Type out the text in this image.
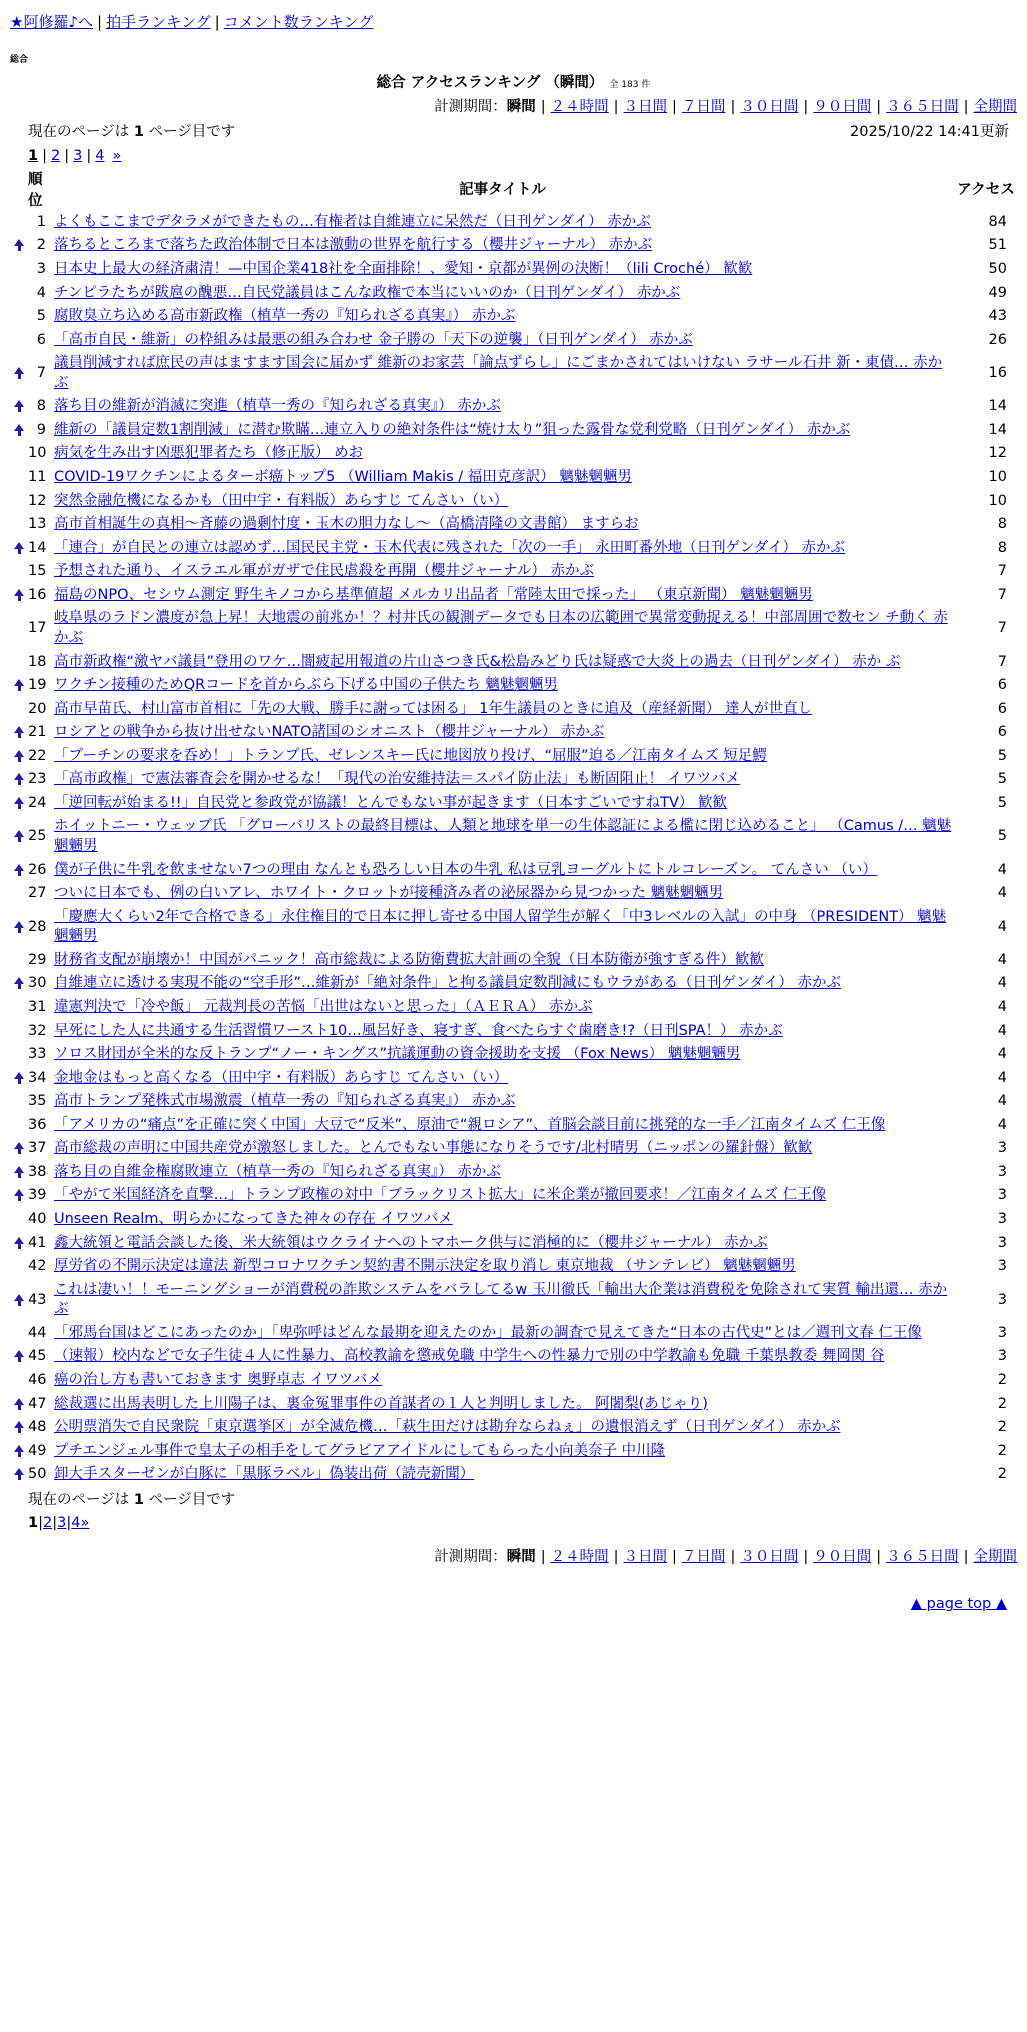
★阿修羅♪へ | 拍手ランキング | コメント数ランキング
総合
総合 アクセスランキング （瞬間） 全 183 件
計測期間：瞬間 | ２４時間 | ３日間 | ７日間 | ３０日間 | ９０日間 | ３６５日間 | 全期間
現在のページは 1 ページ目です	2025/10/22 14:41更新
1 | 2 | 3 | 4 »
	順位	記事タイトル	アクセス
	1	よくもここまでデタラメができたもの…有権者は自維連立に呆然だ（日刊ゲンダイ） 赤かぶ	84
	2	落ちるところまで落ちた政治体制で日本は激動の世界を航行する（櫻井ジャーナル） 赤かぶ	51
	3	日本史上最大の経済粛清！—中国企業418社を全面排除！、愛知・京都が異例の決断！（lili Croché） 歓歓	50
	4	チンピラたちが跋扈の醜悪…自民党議員はこんな政権で本当にいいのか（日刊ゲンダイ） 赤かぶ	49
	5	腐敗臭立ち込める高市新政権（植草一秀の『知られざる真実』） 赤かぶ	43
	6	「高市自民・維新」の枠組みは最悪の組み合わせ 金子勝の「天下の逆襲」（日刊ゲンダイ） 赤かぶ	26
	7	議員削減すれば庶民の声はますます国会に届かず 維新のお家芸「論点ずらし」にごまかされてはいけない ラサール石井 新・東債… 赤かぶ	16
	8	落ち目の維新が消滅に突進（植草一秀の『知られざる真実』） 赤かぶ	14
	9	維新の「議員定数1割削減」に潜む欺瞞…連立入りの絶対条件は“焼け太り”狙った露骨な党利党略（日刊ゲンダイ） 赤かぶ	14
	10	病気を生み出す凶悪犯罪者たち（修正版） めお	12
	11	COVID-19ワクチンによるターボ癌トップ5 （William Makis / 福田克彦訳） 魑魅魍魎男	10
	12	突然金融危機になるかも（田中宇・有料版）あらすじ てんさい（い）	10
	13	高市首相誕生の真相〜斉藤の過剰忖度・玉木の胆力なし〜（高橋清隆の文書館） ますらお	8
	14	「連合」が自民との連立は認めず…国民民主党・玉木代表に残された「次の一手」 永田町番外地（日刊ゲンダイ） 赤かぶ	8
	15	予想された通り、イスラエル軍がガザで住民虐殺を再開（櫻井ジャーナル） 赤かぶ	7
	16	福島のNPO、セシウム測定 野生キノコから基準値超 メルカリ出品者「常陸太田で採った」 （東京新聞） 魑魅魍魎男	7
	17	岐阜県のラドン濃度が急上昇！大地震の前兆か！？村井氏の観測データでも日本の広範囲で異常変動捉える！中部周囲で数セン チ動く 赤かぶ	7
	18	高市新政権“激ヤバ議員”登用のワケ…闇疲起用報道の片山さつき氏&松島みどり氏は疑惑で大炎上の過去（日刊ゲンダイ） 赤か ぶ	7
	19	ワクチン接種のためQRコードを首からぶら下げる中国の子供たち 魑魅魍魎男	6
	20	高市早苗氏、村山富市首相に「先の大戦、勝手に謝っては困る」 1年生議員のときに追及（産経新聞） 達人が世直し	6
	21	ロシアとの戦争から抜け出せないNATO諸国のシオニスト（櫻井ジャーナル） 赤かぶ	6
	22	「プーチンの要求を呑め！」トランプ氏、ゼレンスキー氏に地図放り投げ、“屈服”迫る／江南タイムズ 短足鰐	5
	23	「高市政権」で憲法審査会を開かせるな！「現代の治安維持法＝スパイ防止法」も断固阻止！ イワツバメ	5
	24	「逆回転が始まる!!」自民党と参政党が協議！とんでもない事が起きます（日本すごいですねTV） 歓歓	5
	25	ホイットニー・ウェッブ氏 「グローバリストの最終目標は、人類と地球を単一の生体認証による檻に閉じ込めること」 （Camus /… 魑魅魍魎男	5
	26	僕が子供に牛乳を飲ませない7つの理由 なんとも恐ろしい日本の牛乳 私は豆乳ヨーグルトにトルコレーズン。 てんさい （い）	4
	27	ついに日本でも、例の白いアレ、ホワイト・クロットが接種済み者の泌尿器から見つかった 魑魅魍魎男	4
	28	「慶應大くらい2年で合格できる」永住権目的で日本に押し寄せる中国人留学生が解く「中3レベルの入試」の中身 （PRESIDENT） 魑魅魍魎男	4
	29	財務省支配が崩壊か！中国がパニック！高市総裁による防衛費拡大計画の全貌（日本防衛が強すぎる件）歓歓	4
	30	自維連立に透ける実現不能の“空手形”…維新が「絶対条件」と拘る議員定数削減にもウラがある（日刊ゲンダイ） 赤かぶ	4
	31	違憲判決で「冷や飯」 元裁判長の苦悩「出世はないと思った」（ＡＥＲＡ） 赤かぶ	4
	32	早死にした人に共通する生活習慣ワースト10…風呂好き、寝すぎ、食べたらすぐ歯磨き!?（日刊SPA！） 赤かぶ	4
	33	ソロス財団が全米的な反トランプ“ノー・キングス”抗議運動の資金援助を支援 （Fox News） 魑魅魍魎男	4
	34	金地金はもっと高くなる（田中宇・有料版）あらすじ てんさい（い）	4
	35	高市トランプ発株式市場激震（植草一秀の『知られざる真実』） 赤かぶ	4
	36	「アメリカの“痛点”を正確に突く中国」大豆で“反米”、原油で“親ロシア”、首脳会談目前に挑発的な一手／江南タイムズ 仁王像	4
	37	高市総裁の声明に中国共産党が激怒しました。とんでもない事態になりそうです/北村晴男（ニッポンの羅針盤）歓歓	3
	38	落ち目の自維金権腐敗連立（植草一秀の『知られざる真実』） 赤かぶ	3
	39	「やがて米国経済を直撃…」トランプ政権の対中「ブラックリスト拡大」に米企業が撤回要求！／江南タイムズ 仁王像	3
	40	Unseen Realm、明らかになってきた神々の存在 イワツバメ	3
	41	鑫大統領と電話会談した後、米大統領はウクライナへのトマホーク供与に消極的に（櫻井ジャーナル） 赤かぶ	3
	42	厚労省の不開示決定は違法 新型コロナワクチン契約書不開示決定を取り消し 東京地裁 （サンテレビ） 魑魅魍魎男	3
	43	これは凄い！！モーニングショーが消費税の詐欺システムをバラしてるw 玉川徹氏「輸出大企業は消費税を免除されて実質 輸出還… 赤かぶ	3
	44	「邪馬台国はどこにあったのか」「卑弥呼はどんな最期を迎えたのか」最新の調査で見えてきた“日本の古代史”とは／週刊文春 仁王像	3
	45	（速報）校内などで女子生徒４人に性暴力、高校教諭を懲戒免職 中学生への性暴力で別の中学教諭も免職 千葉県教委 舞岡関 谷	3
	46	癌の治し方も書いておきます 奥野卓志 イワツバメ	2
	47	総裁選に出馬表明した上川陽子は、裏金冤罪事件の首謀者の１人と判明しました。 阿闍梨(あじゃり)	2
	48	公明票消失で自民衆院「東京選挙区」が全滅危機…「萩生田だけは勘弁ならねぇ」の遺恨消えず（日刊ゲンダイ） 赤かぶ	2
	49	プチエンジェル事件で皇太子の相手をしてグラビアアイドルにしてもらった小向美奈子 中川隆	2
	50	卸大手スターゼンが白豚に「黒豚ラベル」偽装出荷（読売新聞）	2
現在のページは 1 ページ目です
1|2|3|4»
計測期間：瞬間 | ２４時間 | ３日間 | ７日間 | ３０日間 | ９０日間 | ３６５日間 | 全期間
▲ page top ▲
